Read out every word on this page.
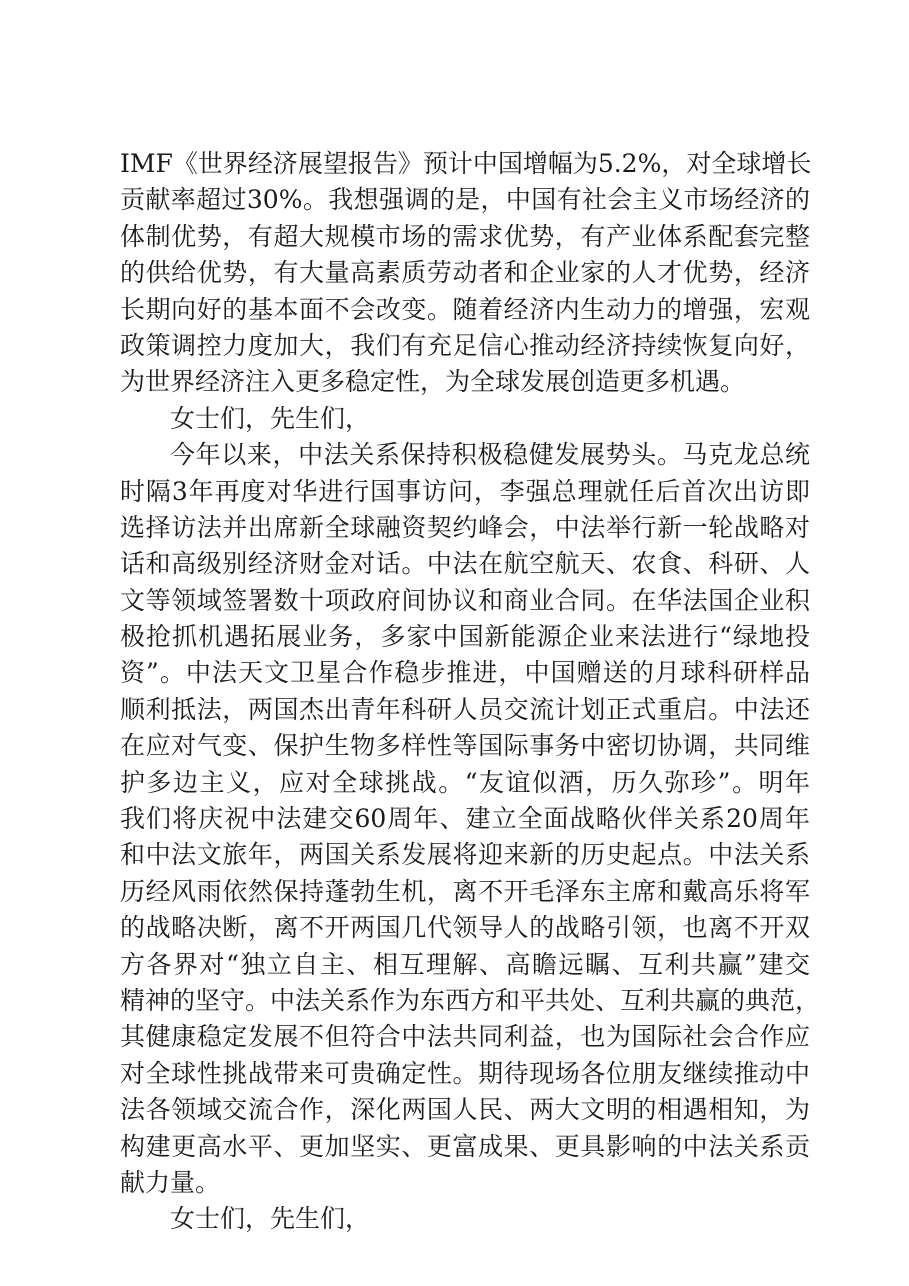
IMF《世界经济展望报告》预计中国增幅为5.2%，对全球增长
贡献率超过30%。我想强调的是，中国有社会主义市场经济的
体制优势，有超大规模市场的需求优势，有产业体系配套完整
的供给优势，有大量高素质劳动者和企业家的人才优势，经济
长期向好的基本面不会改变。随着经济内生动力的增强，宏观
政策调控力度加大，我们有充足信心推动经济持续恢复向好，
为世界经济注入更多稳定性，为全球发展创造更多机遇。
女士们，先生们，
今年以来，中法关系保持积极稳健发展势头。马克龙总统
时隔3年再度对华进行国事访问，李强总理就任后首次出访即
选择访法并出席新全球融资契约峰会，中法举行新一轮战略对
话和高级别经济财金对话。中法在航空航天、农食、科研、人
文等领域签署数十项政府间协议和商业合同。在华法国企业积
极抢抓机遇拓展业务，多家中国新能源企业来法进行“绿地投
资”。中法天文卫星合作稳步推进，中国赠送的月球科研样品
顺利抵法，两国杰出青年科研人员交流计划正式重启。中法还
在应对气变、保护生物多样性等国际事务中密切协调，共同维
护多边主义，应对全球挑战。“友谊似酒，历久弥珍”。明年
我们将庆祝中法建交60周年、建立全面战略伙伴关系20周年
和中法文旅年，两国关系发展将迎来新的历史起点。中法关系
历经风雨依然保持蓬勃生机，离不开毛泽东主席和戴高乐将军
的战略决断，离不开两国几代领导人的战略引领，也离不开双
方各界对“独立自主、相互理解、高瞻远瞩、互利共赢”建交
精神的坚守。中法关系作为东西方和平共处、互利共赢的典范，
其健康稳定发展不但符合中法共同利益，也为国际社会合作应
对全球性挑战带来可贵确定性。期待现场各位朋友继续推动中
法各领域交流合作，深化两国人民、两大文明的相遇相知，为
构建更高水平、更加坚实、更富成果、更具影响的中法关系贡
献力量。
女士们，先生们，
